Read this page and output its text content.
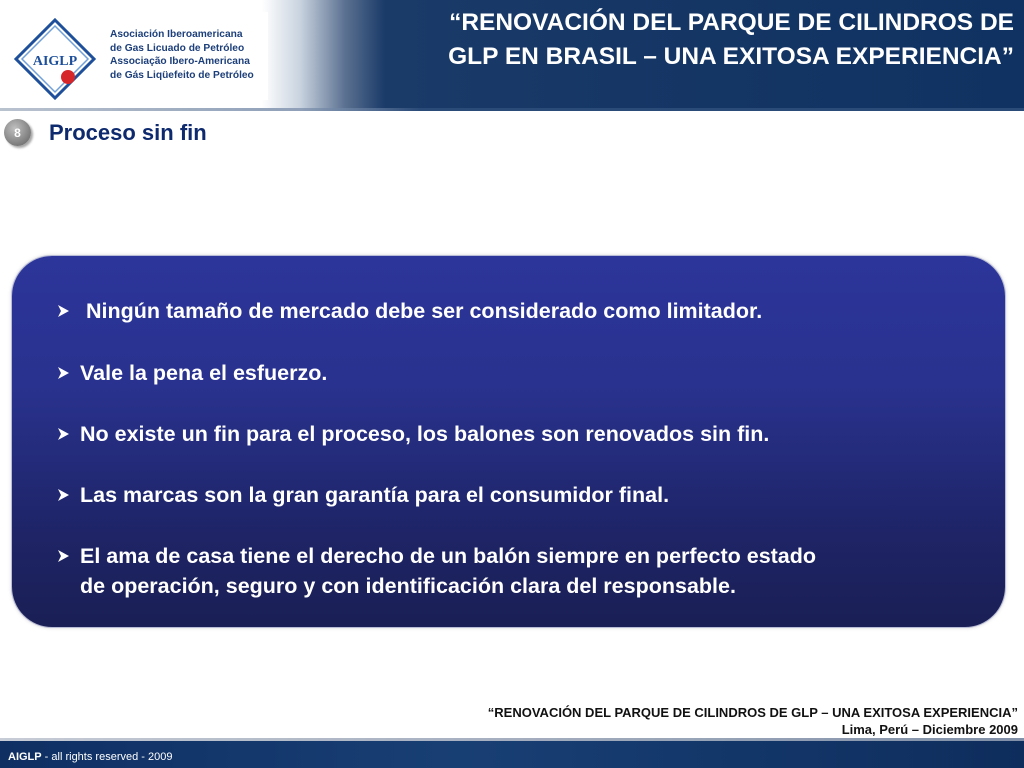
AIGLP
Asociación Iberoamericana
de Gas Licuado de Petróleo
Associação Ibero-Americana
de Gás Liqüefeito de Petróleo
“RENOVACIÓN DEL PARQUE DE CILINDROS DE
GLP EN BRASIL – UNA EXITOSA EXPERIENCIA”
8	Proceso sin fin
Ningún tamaño de mercado debe ser considerado como limitador.
Vale la pena el esfuerzo.
No existe un fin para el proceso, los balones son renovados sin fin.
Las marcas son la gran garantía para el consumidor final.
El ama de casa tiene el derecho de un balón siempre en perfecto estado
de operación, seguro y con identificación clara del responsable.
“RENOVACIÓN DEL PARQUE DE CILINDROS DE GLP – UNA EXITOSA EXPERIENCIA”
Lima, Perú – Diciembre 2009
AIGLP - all rights reserved - 2009
